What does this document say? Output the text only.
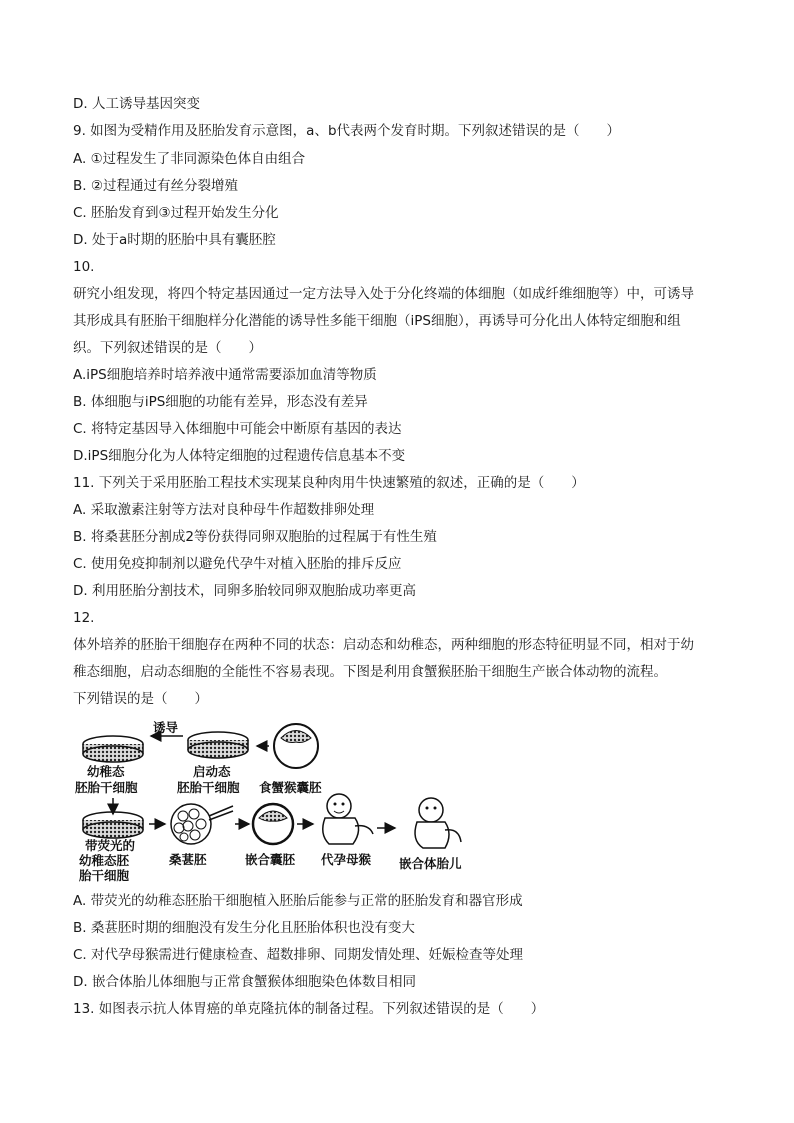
D. 人工诱导基因突变
9. 如图为受精作用及胚胎发育示意图，a、b代表两个发育时期。下列叙述错误的是（　　）
A. ①过程发生了非同源染色体自由组合
B. ②过程通过有丝分裂增殖
C. 胚胎发育到③过程开始发生分化
D. 处于a时期的胚胎中具有囊胚腔
10.
研究小组发现，将四个特定基因通过一定方法导入处于分化终端的体细胞（如成纤维细胞等）中，可诱导
其形成具有胚胎干细胞样分化潜能的诱导性多能干细胞（iPS细胞），再诱导可分化出人体特定细胞和组
织。下列叙述错误的是（　　）
A.iPS细胞培养时培养液中通常需要添加血清等物质
B. 体细胞与iPS细胞的功能有差异，形态没有差异
C. 将特定基因导入体细胞中可能会中断原有基因的表达
D.iPS细胞分化为人体特定细胞的过程遗传信息基本不变
11. 下列关于采用胚胎工程技术实现某良种肉用牛快速繁殖的叙述，正确的是（　　）
A. 采取激素注射等方法对良种母牛作超数排卵处理
B. 将桑葚胚分割成2等份获得同卵双胞胎的过程属于有性生殖
C. 使用免疫抑制剂以避免代孕牛对植入胚胎的排斥反应
D. 利用胚胎分割技术，同卵多胎较同卵双胞胎成功率更高
12.
体外培养的胚胎干细胞存在两种不同的状态：启动态和幼稚态，两种细胞的形态特征明显不同，相对于幼
稚态细胞，启动态细胞的全能性不容易表现。下图是利用食蟹猴胚胎干细胞生产嵌合体动物的流程。
下列错误的是（　　）
诱导
幼稚态
胚胎干细胞
启动态
胚胎干细胞 食蟹猴囊胚
带荧光的
幼稚态胚
胎干细胞
桑葚胚	嵌合囊胚 代孕母猴 嵌合体胎儿
A. 带荧光的幼稚态胚胎干细胞植入胚胎后能参与正常的胚胎发育和器官形成
B. 桑葚胚时期的细胞没有发生分化且胚胎体积也没有变大
C. 对代孕母猴需进行健康检查、超数排卵、同期发情处理、妊娠检查等处理
D. 嵌合体胎儿体细胞与正常食蟹猴体细胞染色体数目相同
13. 如图表示抗人体胃癌的单克隆抗体的制备过程。下列叙述错误的是（　　）
